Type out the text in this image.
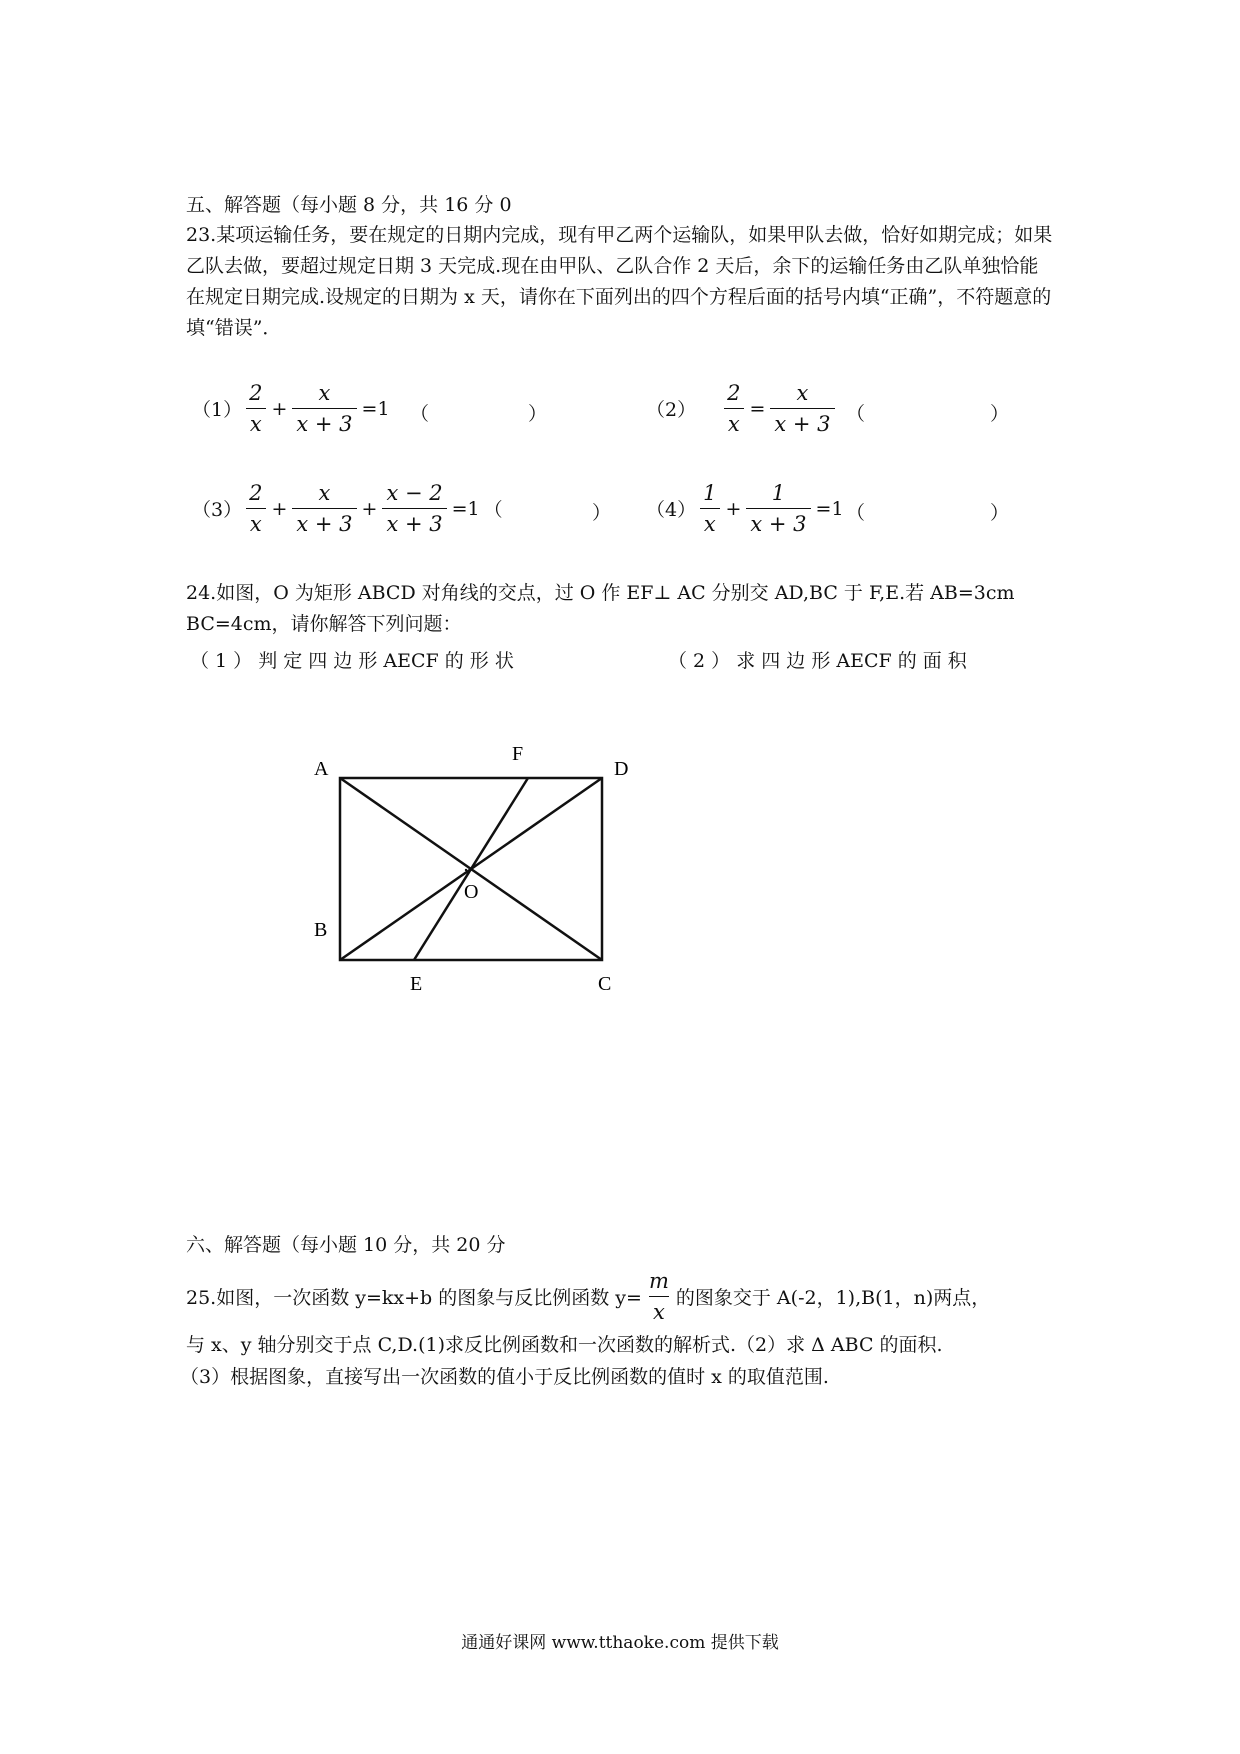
五、解答题（每小题 8 分，共 16 分 0
23.某项运输任务，要在规定的日期内完成，现有甲乙两个运输队，如果甲队去做，恰好如期完成；如果乙队去做，要超过规定日期 3 天完成.现在由甲队、乙队合作 2 天后，余下的运输任务由乙队单独恰能在规定日期完成.设规定的日期为 x 天，请你在下面列出的四个方程后面的括号内填“正确”，不符题意的填“错误”．
$(1) \frac{2}{x} + \frac{x}{x + 3} =1$ （	）	$(2) \frac{2}{x} = \frac{x}{x + 3}$ （	）
$(3) \frac{2}{x} + \frac{x}{x + 3} + \frac{x - 2}{x + 3} =1$ （	） $(4) \frac{1}{x} + \frac{1}{x + 3} =1$ （	）
24.如图，O 为矩形 ABCD 对角线的交点，过 O 作 EF⊥ AC 分别交 AD,BC 于 F,E.若 AB=3cm BC=4cm，请你解答下列问题：
（ 1 ） 判 定 四 边 形 AECF 的 形 状	（ 2 ） 求 四 边 形 AECF 的 面 积
A
F
D
O
B
E	C
六、解答题（每小题 10 分，共 20 分
25.如图，一次函数 y=kx+b 的图象与反比例函数 $y= \frac{m}{x}$ 的图象交于 A(-2，1),B(1，n)两点，
与 x、y 轴分别交于点 C,D.(1)求反比例函数和一次函数的解析式.（2）求 Δ ABC 的面积.
（3）根据图象，直接写出一次函数的值小于反比例函数的值时 x 的取值范围.
通通好课网 www.tthaoke.com 提供下载
